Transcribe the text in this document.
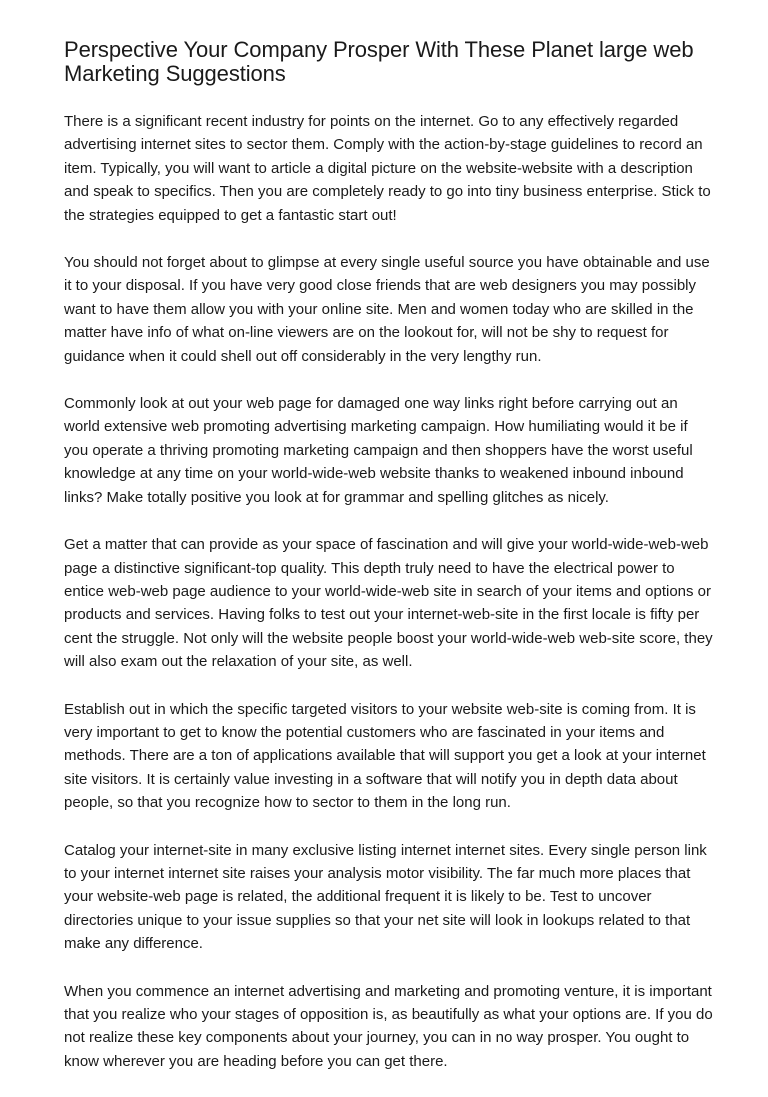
Perspective Your Company Prosper With These Planet large web Marketing Suggestions

There is a significant recent industry for points on the internet. Go to any effectively regarded advertising internet sites to sector them. Comply with the action-by-stage guidelines to record an item. Typically, you will want to article a digital picture on the website-website with a description and speak to specifics. Then you are completely ready to go into tiny business enterprise. Stick to the strategies equipped to get a fantastic start out!

You should not forget about to glimpse at every single useful source you have obtainable and use it to your disposal. If you have very good close friends that are web designers you may possibly want to have them allow you with your online site. Men and women today who are skilled in the matter have info of what on-line viewers are on the lookout for, will not be shy to request for guidance when it could shell out off considerably in the very lengthy run.

Commonly look at out your web page for damaged one way links right before carrying out an world extensive web promoting advertising marketing campaign. How humiliating would it be if you operate a thriving promoting marketing campaign and then shoppers have the worst useful knowledge at any time on your world-wide-web website thanks to weakened inbound inbound links? Make totally positive you look at for grammar and spelling glitches as nicely.

Get a matter that can provide as your space of fascination and will give your world-wide-web-web page a distinctive significant-top quality. This depth truly need to have the electrical power to entice web-web page audience to your world-wide-web site in search of your items and options or products and services. Having folks to test out your internet-web-site in the first locale is fifty per cent the struggle. Not only will the website people boost your world-wide-web web-site score, they will also exam out the relaxation of your site, as well.

Establish out in which the specific targeted visitors to your website web-site is coming from. It is very important to get to know the potential customers who are fascinated in your items and methods. There are a ton of applications available that will support you get a look at your internet site visitors. It is certainly value investing in a software that will notify you in depth data about people, so that you recognize how to sector to them in the long run.

Catalog your internet-site in many exclusive listing internet internet sites. Every single person link to your internet internet site raises your analysis motor visibility. The far much more places that your website-web page is related, the additional frequent it is likely to be. Test to uncover directories unique to your issue supplies so that your net site will look in lookups related to that make any difference.

When you commence an internet advertising and marketing and promoting venture, it is important that you realize who your stages of opposition is, as beautifully as what your options are. If you do not realize these key components about your journey, you can in no way prosper. You ought to know wherever you are heading before you can get there.
